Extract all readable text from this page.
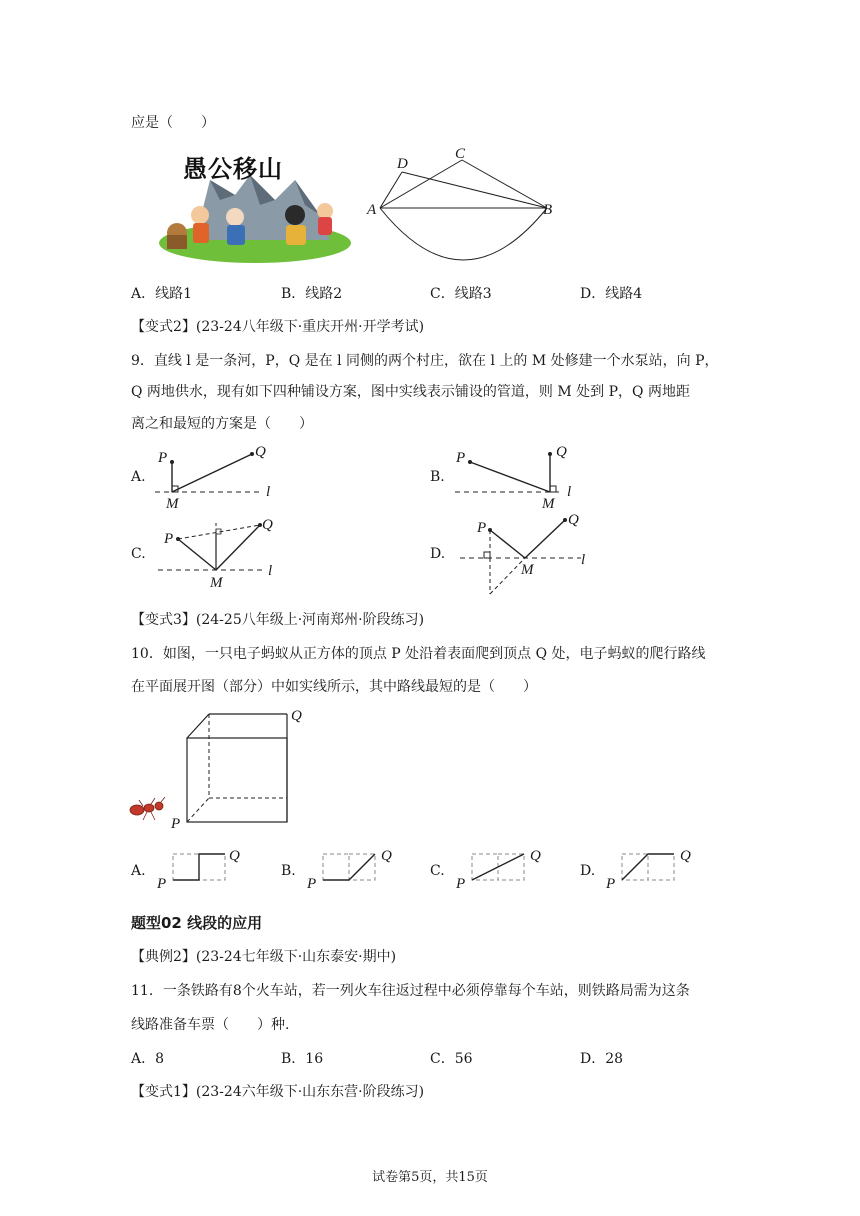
应是（　　）
愚公移山
A
D
C
B
A．线路1	B．线路2	C．线路3	D．线路4
【变式2】(23-24八年级下·重庆开州·开学考试)
9．直线 l 是一条河，P，Q 是在 l 同侧的两个村庄，欲在 l 上的 M 处修建一个水泵站，向 P，
Q 两地供水，现有如下四种铺设方案，图中实线表示铺设的管道，则 M 处到 P，Q 两地距
离之和最短的方案是（　　）
A.
P	Q
M
l
B.
P	Q
M
l
C.
P
Q
M
l
D.
P	Q
M
l
【变式3】(24-25八年级上·河南郑州·阶段练习)
10．如图，一只电子蚂蚁从正方体的顶点 P 处沿着表面爬到顶点 Q 处，电子蚂蚁的爬行路线
在平面展开图（部分）中如实线所示，其中路线最短的是（　　）
Q
P
A.
P
Q
B.
P
Q
C.
P
Q
D.
P
Q
题型02 线段的应用
【典例2】(23-24七年级下·山东泰安·期中)
11．一条铁路有8个火车站，若一列火车往返过程中必须停靠每个车站，则铁路局需为这条
线路准备车票（　　）种.
A．8	B．16	C．56	D．28
【变式1】(23-24六年级下·山东东营·阶段练习)
试卷第5页，共15页
